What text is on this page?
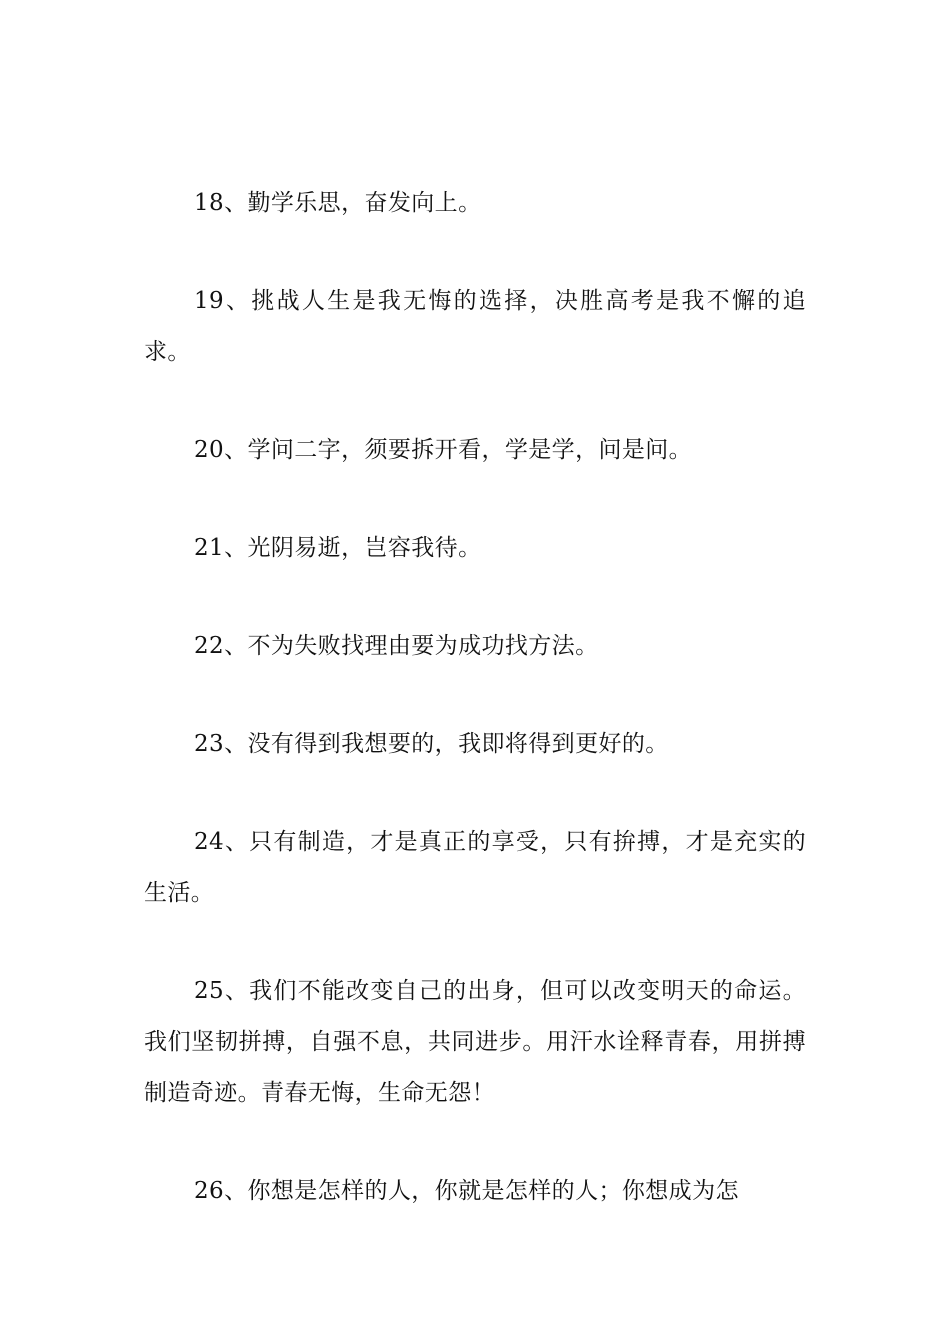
18、勤学乐思，奋发向上。

19、挑战人生是我无悔的选择，决胜高考是我不懈的追求。

20、学问二字，须要拆开看，学是学，问是问。

21、光阴易逝，岂容我待。

22、不为失败找理由要为成功找方法。

23、没有得到我想要的，我即将得到更好的。

24、只有制造，才是真正的享受，只有拚搏，才是充实的生活。

25、我们不能改变自己的出身，但可以改变明天的命运。我们坚韧拼搏，自强不息，共同进步。用汗水诠释青春，用拼搏制造奇迹。青春无悔，生命无怨！

26、你想是怎样的人，你就是怎样的人；你想成为怎
